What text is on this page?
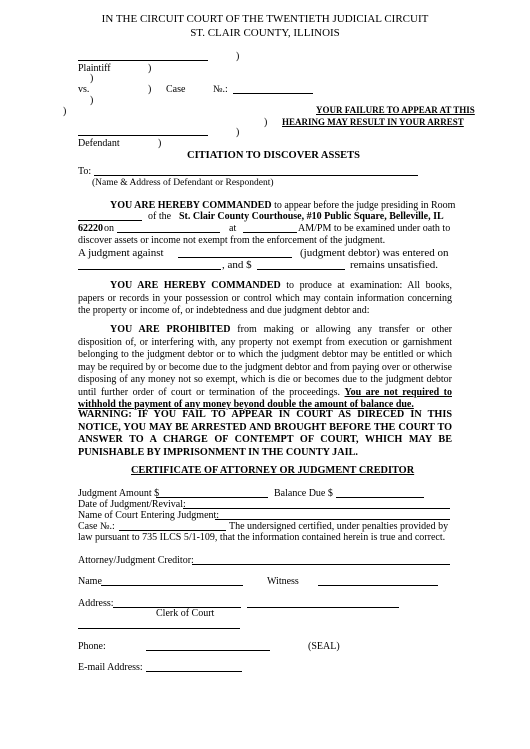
IN THE CIRCUIT COURT OF THE TWENTIETH JUDICIAL CIRCUIT
ST. CLAIR COUNTY, ILLINOIS
)
Plaintiff	)
)
vs.	) Case	№.:
)
)	YOUR FAILURE TO APPEAR AT THIS
) HEARING MAY RESULT IN YOUR ARREST
)
Defendant	)
CITIATION TO DISCOVER ASSETS
To:
(Name & Address of Defendant or Respondent)
YOU ARE HEREBY COMMANDED to appear before the judge presiding in Room
of the St. Clair County Courthouse, #10 Public Square, Belleville, IL
62220 on	at	AM/PM to be examined under oath to
discover assets or income not exempt from the enforcement of the judgment.
A judgment against	(judgment debtor) was entered on
, and $	remains unsatisfied.
YOU ARE HEREBY COMMANDED to produce at examination: All books, papers or records in your possession or control which may contain information concerning the property or income of, or indebtedness and due judgment debtor and:
YOU ARE PROHIBITED from making or allowing any transfer or other disposition of, or interfering with, any property not exempt from execution or garnishment belonging to the judgment debtor or to which the judgment debtor may be entitled or which may be required by or become due to the judgment debtor and from paying over or otherwise disposing of any money not so exempt, which is die or becomes due to the judgment debtor until further order of court or termination of the proceedings. You are not required to withhold the payment of any money beyond double the amount of balance due.
WARNING: IF YOU FAIL TO APPEAR IN COURT AS DIRECED IN THIS NOTICE, YOU MAY BE ARRESTED AND BROUGHT BEFORE THE COURT TO ANSWER TO A CHARGE OF CONTEMPT OF COURT, WHICH MAY BE PUNISHABLE BY IMPRISONMENT IN THE COUNTY JAIL.
CERTIFICATE OF ATTORNEY OR JUDGMENT CREDITOR
Judgment Amount $	Balance Due $
Date of Judgment/Revival:
Name of Court Entering Judgment:
Case №.:	The undersigned certified, under penalties provided by
law pursuant to 735 ILCS 5/1-109, that the information contained herein is true and correct.
Attorney/Judgment Creditor:
Name	Witness
Address:
Clerk of Court
Phone:	(SEAL)
E-mail Address:
